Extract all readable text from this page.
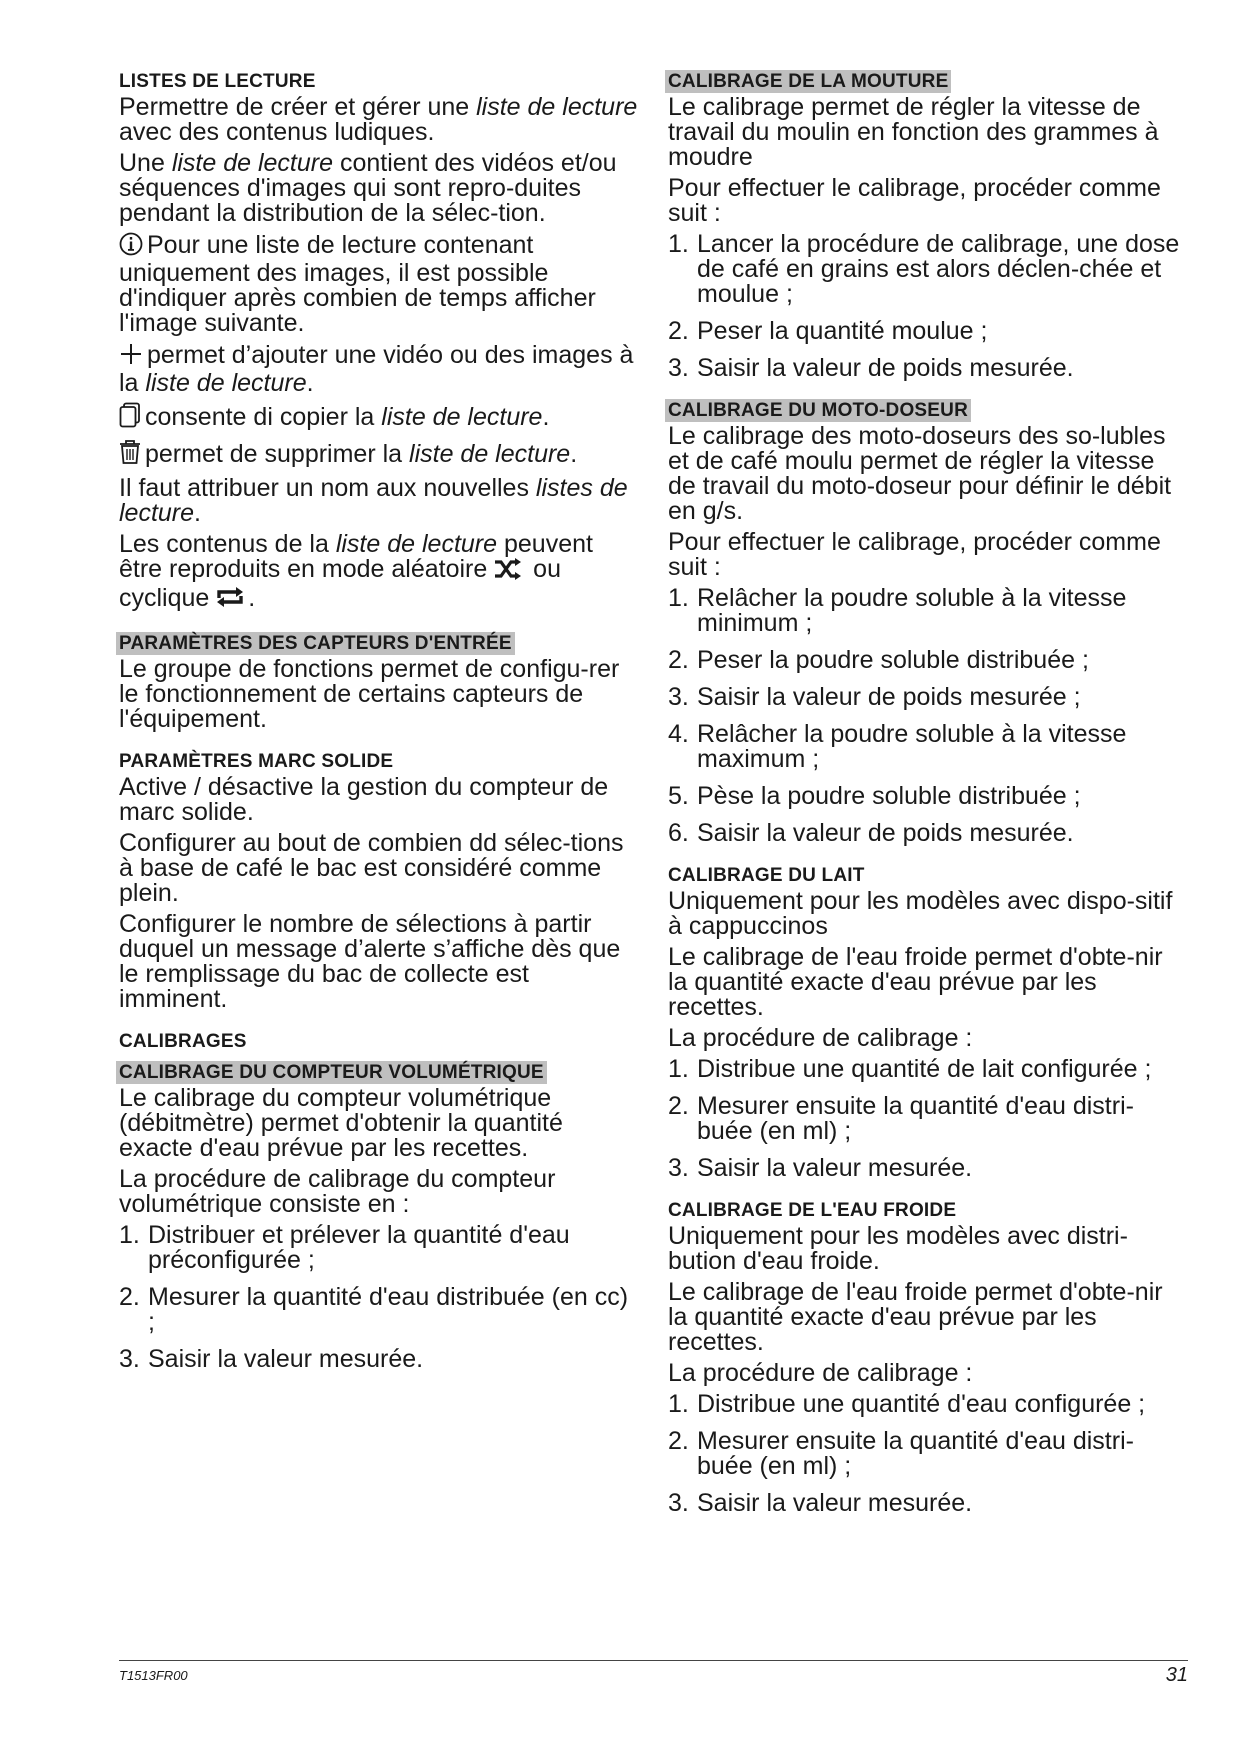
LISTES DE LECTURE

Permettre de créer et gérer une liste de lecture avec des contenus ludiques.

Une liste de lecture contient des vidéos et/ou séquences d'images qui sont repro-duites pendant la distribution de la sélec-tion.

Pour une liste de lecture contenant uniquement des images, il est possible d'indiquer après combien de temps afficher l'image suivante.

permet d’ajouter une vidéo ou des images à la liste de lecture.

consente di copier la liste de lecture.

permet de supprimer la liste de lecture.

Il faut attribuer un nom aux nouvelles listes de lecture.

Les contenus de la liste de lecture peuvent être reproduits en mode aléatoire  ou cyclique .

PARAMÈTRES DES CAPTEURS D'ENTRÉE

Le groupe de fonctions permet de configu-rer le fonctionnement de certains capteurs de l'équipement.

PARAMÈTRES MARC SOLIDE

Active / désactive la gestion du compteur de marc solide.

Configurer au bout de combien dd sélec-tions à base de café le bac est considéré comme plein.

Configurer le nombre de sélections à partir duquel un message d’alerte s’affiche dès que le remplissage du bac de collecte est imminent.

CALIBRAGES
CALIBRAGE DU COMPTEUR VOLUMÉTRIQUE

Le calibrage du compteur volumétrique (débitmètre) permet d'obtenir la quantité exacte d'eau prévue par les recettes.

La procédure de calibrage du compteur volumétrique consiste en :

1. Distribuer et prélever la quantité d'eau préconfigurée ;
2. Mesurer la quantité d'eau distribuée (en cc) ;
3. Saisir la valeur mesurée.
CALIBRAGE DE LA MOUTURE

Le calibrage permet de régler la vitesse de travail du moulin en fonction des grammes à moudre

Pour effectuer le calibrage, procéder comme suit :

1. Lancer la procédure de calibrage, une dose de café en grains est alors déclen-chée et moulue ;
2. Peser la quantité moulue ;
3. Saisir la valeur de poids mesurée.
CALIBRAGE DU MOTO-DOSEUR

Le calibrage des moto-doseurs des so-lubles et de café moulu permet de régler la vitesse de travail du moto-doseur pour définir le débit en g/s.

Pour effectuer le calibrage, procéder comme suit :

1. Relâcher la poudre soluble à la vitesse minimum ;
2. Peser la poudre soluble distribuée ;
3. Saisir la valeur de poids mesurée ;
4. Relâcher la poudre soluble à la vitesse maximum ;
5. Pèse la poudre soluble distribuée ;
6. Saisir la valeur de poids mesurée.
CALIBRAGE DU LAIT

Uniquement pour les modèles avec dispo-sitif à cappuccinos

Le calibrage de l'eau froide permet d'obte-nir la quantité exacte d'eau prévue par les recettes.

La procédure de calibrage :

1. Distribue une quantité de lait configurée ;
2. Mesurer ensuite la quantité d'eau distri-buée (en ml) ;
3. Saisir la valeur mesurée.
CALIBRAGE DE L'EAU FROIDE

Uniquement pour les modèles avec distri-bution d'eau froide.

Le calibrage de l'eau froide permet d'obte-nir la quantité exacte d'eau prévue par les recettes.

La procédure de calibrage :

1. Distribue une quantité d'eau configurée ;
2. Mesurer ensuite la quantité d'eau distri-buée (en ml) ;
3. Saisir la valeur mesurée.
T1513FR00	31
